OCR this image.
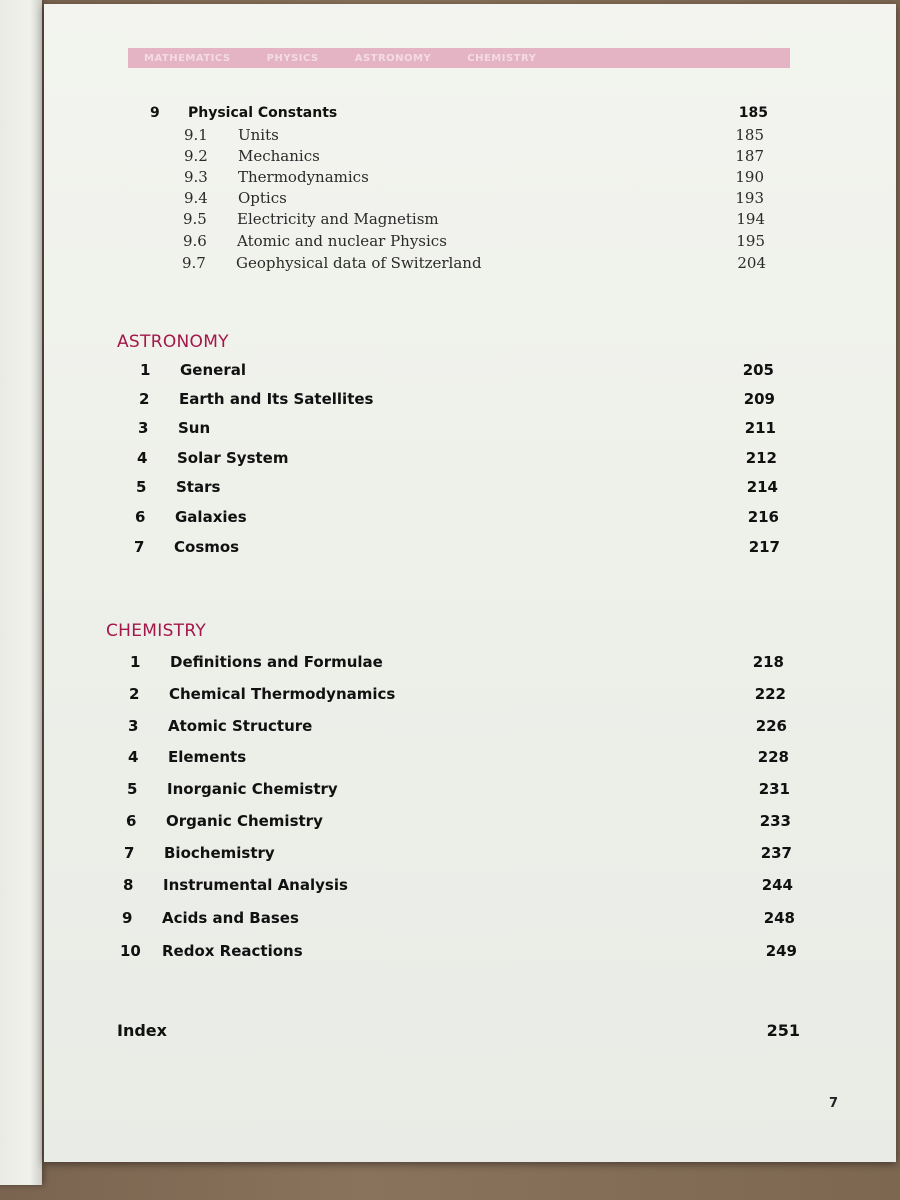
MATHEMATICS	PHYSICS	ASTRONOMY	CHEMISTRY
9 Physical Constants	185
9.1 Units	185
9.2 Mechanics	187
9.3 Thermodynamics	190
9.4 Optics	193
9.5 Electricity and Magnetism	194
9.6 Atomic and nuclear Physics	195
9.7 Geophysical data of Switzerland	204
ASTRONOMY
1 General	205
2 Earth and Its Satellites	209
3 Sun	211
4 Solar System	212
5 Stars	214
6 Galaxies	216
7 Cosmos	217
CHEMISTRY
1 Definitions and Formulae	218
2 Chemical Thermodynamics	222
3 Atomic Structure	226
4 Elements	228
5 Inorganic Chemistry	231
6 Organic Chemistry	233
7 Biochemistry	237
8 Instrumental Analysis	244
9 Acids and Bases	248
10 Redox Reactions	249
Index	251
7
